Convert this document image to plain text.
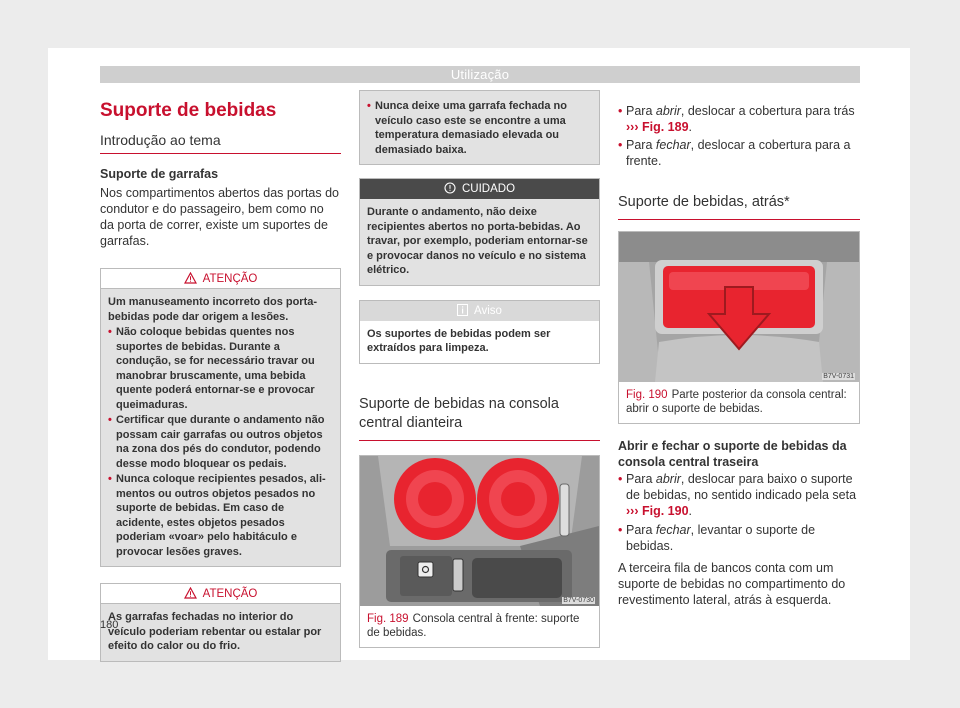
Utilização
Suporte de bebidas
Introdução ao tema

Suporte de garrafas

Nos compartimentos abertos das portas do condutor e do passageiro, bem como no da porta de correr, existe um suportes de garrafas.

ATENÇÃO
Um manuseamento incorreto dos porta-bebidas pode dar origem a lesões.
• Não coloque bebidas quentes nos suportes de bebidas. Durante a condução, se for necessário travar ou manobrar bruscamente, uma bebida quente poderá entornar-se e provocar queimaduras.
• Certificar que durante o andamento não possam cair garrafas ou outros objetos na zona dos pés do condutor, podendo desse modo bloquear os pedais.
• Nunca coloque recipientes pesados, alimentos ou outros objetos pesados no suporte de bebidas. Em caso de acidente, estes objetos pesados poderiam «voar» pelo habitáculo e provocar lesões graves.
ATENÇÃO
As garrafas fechadas no interior do veículo poderiam rebentar ou estalar por efeito do calor ou do frio.
• Nunca deixe uma garrafa fechada no veículo caso este se encontre a uma temperatura demasiado elevada ou demasiado baixa.
CUIDADO
Durante o andamento, não deixe recipientes abertos no porta-bebidas. Ao travar, por exemplo, poderiam entornar-se e provocar danos no veículo e no sistema elétrico.
Aviso
Os suportes de bebidas podem ser extraídos para limpeza.
Suporte de bebidas na consola central dianteira
B7V-0730
Fig. 189 Consola central à frente: suporte de bebidas.

• Para abrir, deslocar a cobertura para trás
››› Fig. 189.

• Para fechar, deslocar a cobertura para a frente.

Suporte de bebidas, atrás*
B7V-0731
Fig. 190 Parte posterior da consola central: abrir o suporte de bebidas.

Abrir e fechar o suporte de bebidas da consola central traseira

• Para abrir, deslocar para baixo o suporte de bebidas, no sentido indicado pela seta ››› Fig. 190.

• Para fechar, levantar o suporte de bebidas.

A terceira fila de bancos conta com um suporte de bebidas no compartimento do revestimento lateral, atrás à esquerda.

180
